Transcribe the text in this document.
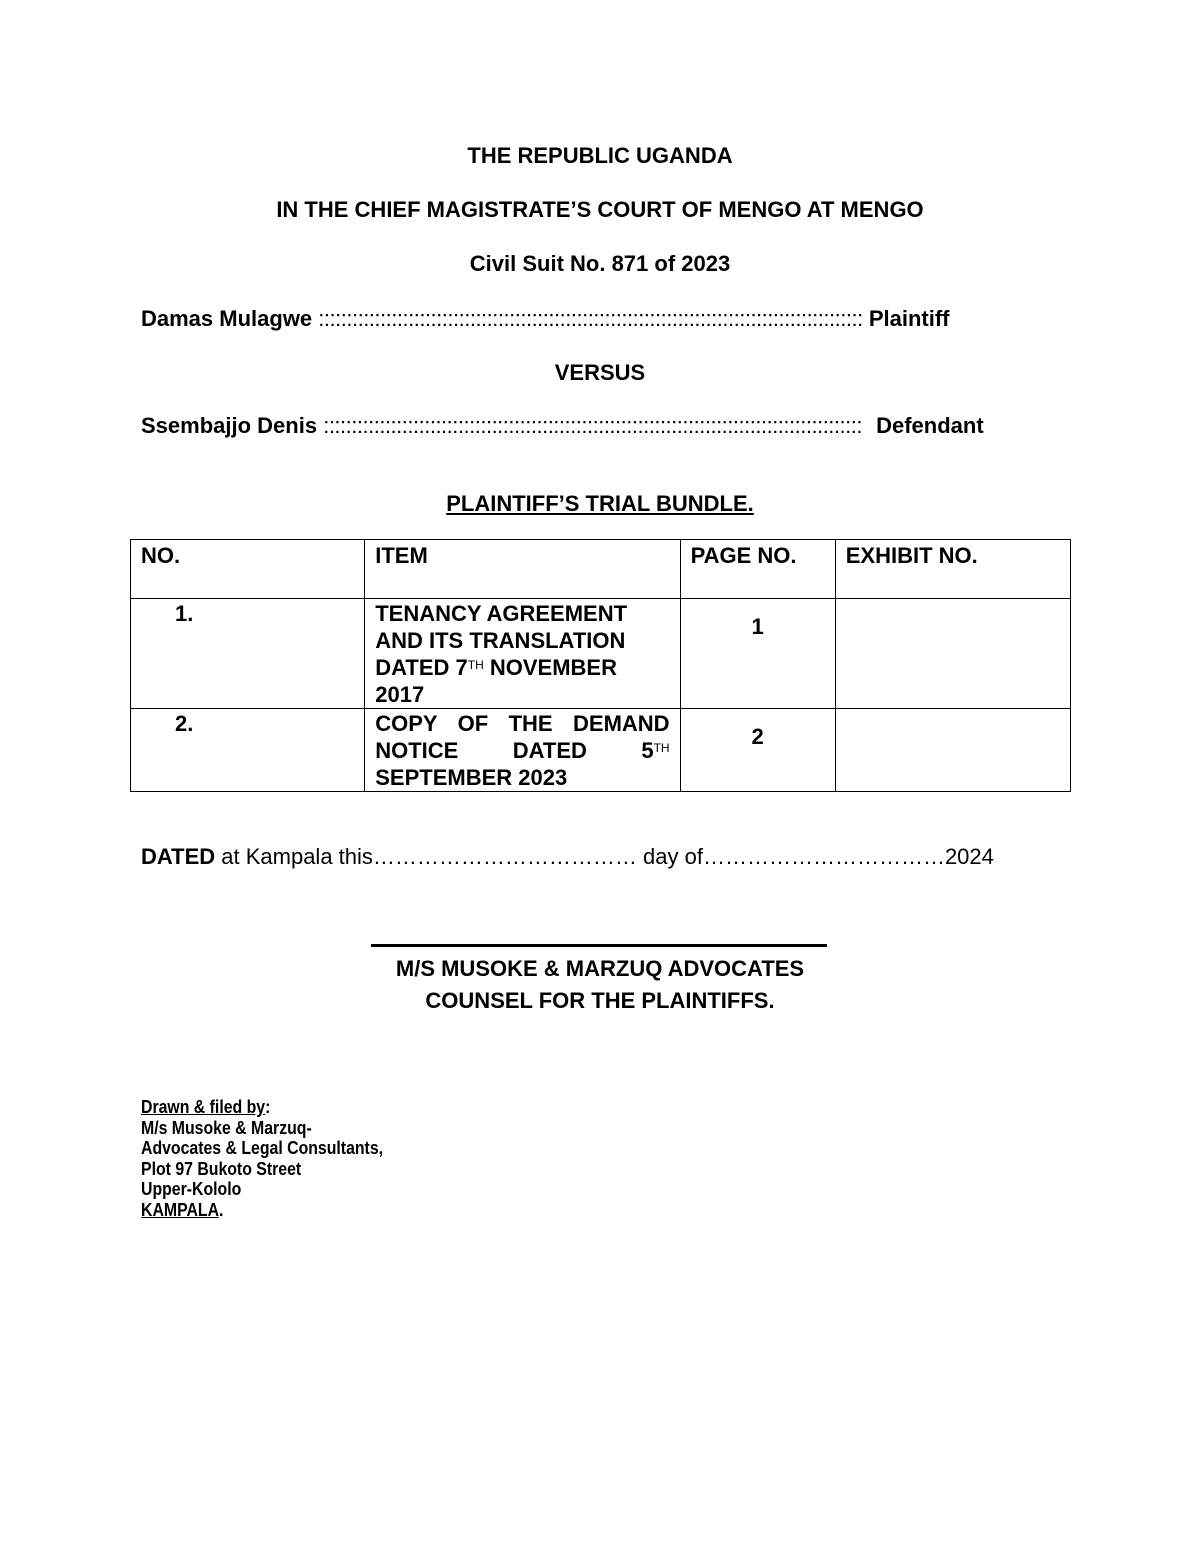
THE REPUBLIC UGANDA
IN THE CHIEF MAGISTRATE’S COURT OF MENGO AT MENGO
Civil Suit No. 871 of 2023
Damas Mulagwe ::::::::::::::::::::::::::::::::::::::::::::::::::::::::::::::::::::::::::::::::::::::::::::::::: Plaintiff
VERSUS
Ssembajjo Denis :::::::::::::::::::::::::::::::::::::::::::::::::::::::::::::::::::::::::::::::::::::::::::::::: Defendant
PLAINTIFF’S TRIAL BUNDLE.
NO.	ITEM	PAGE NO.	EXHIBIT NO.

1.	TENANCY AGREEMENT AND ITS TRANSLATION DATED 7TH NOVEMBER 2017	1	

2.	COPY OF THE DEMAND NOTICE DATED 5TH SEPTEMBER 2023	2	

DATED at Kampala this……………………………… day of……………………………2024
M/S MUSOKE & MARZUQ ADVOCATES
COUNSEL FOR THE PLAINTIFFS.
Drawn & filed by:
M/s Musoke & Marzuq-
Advocates & Legal Consultants,
Plot 97 Bukoto Street
Upper-Kololo
KAMPALA.
